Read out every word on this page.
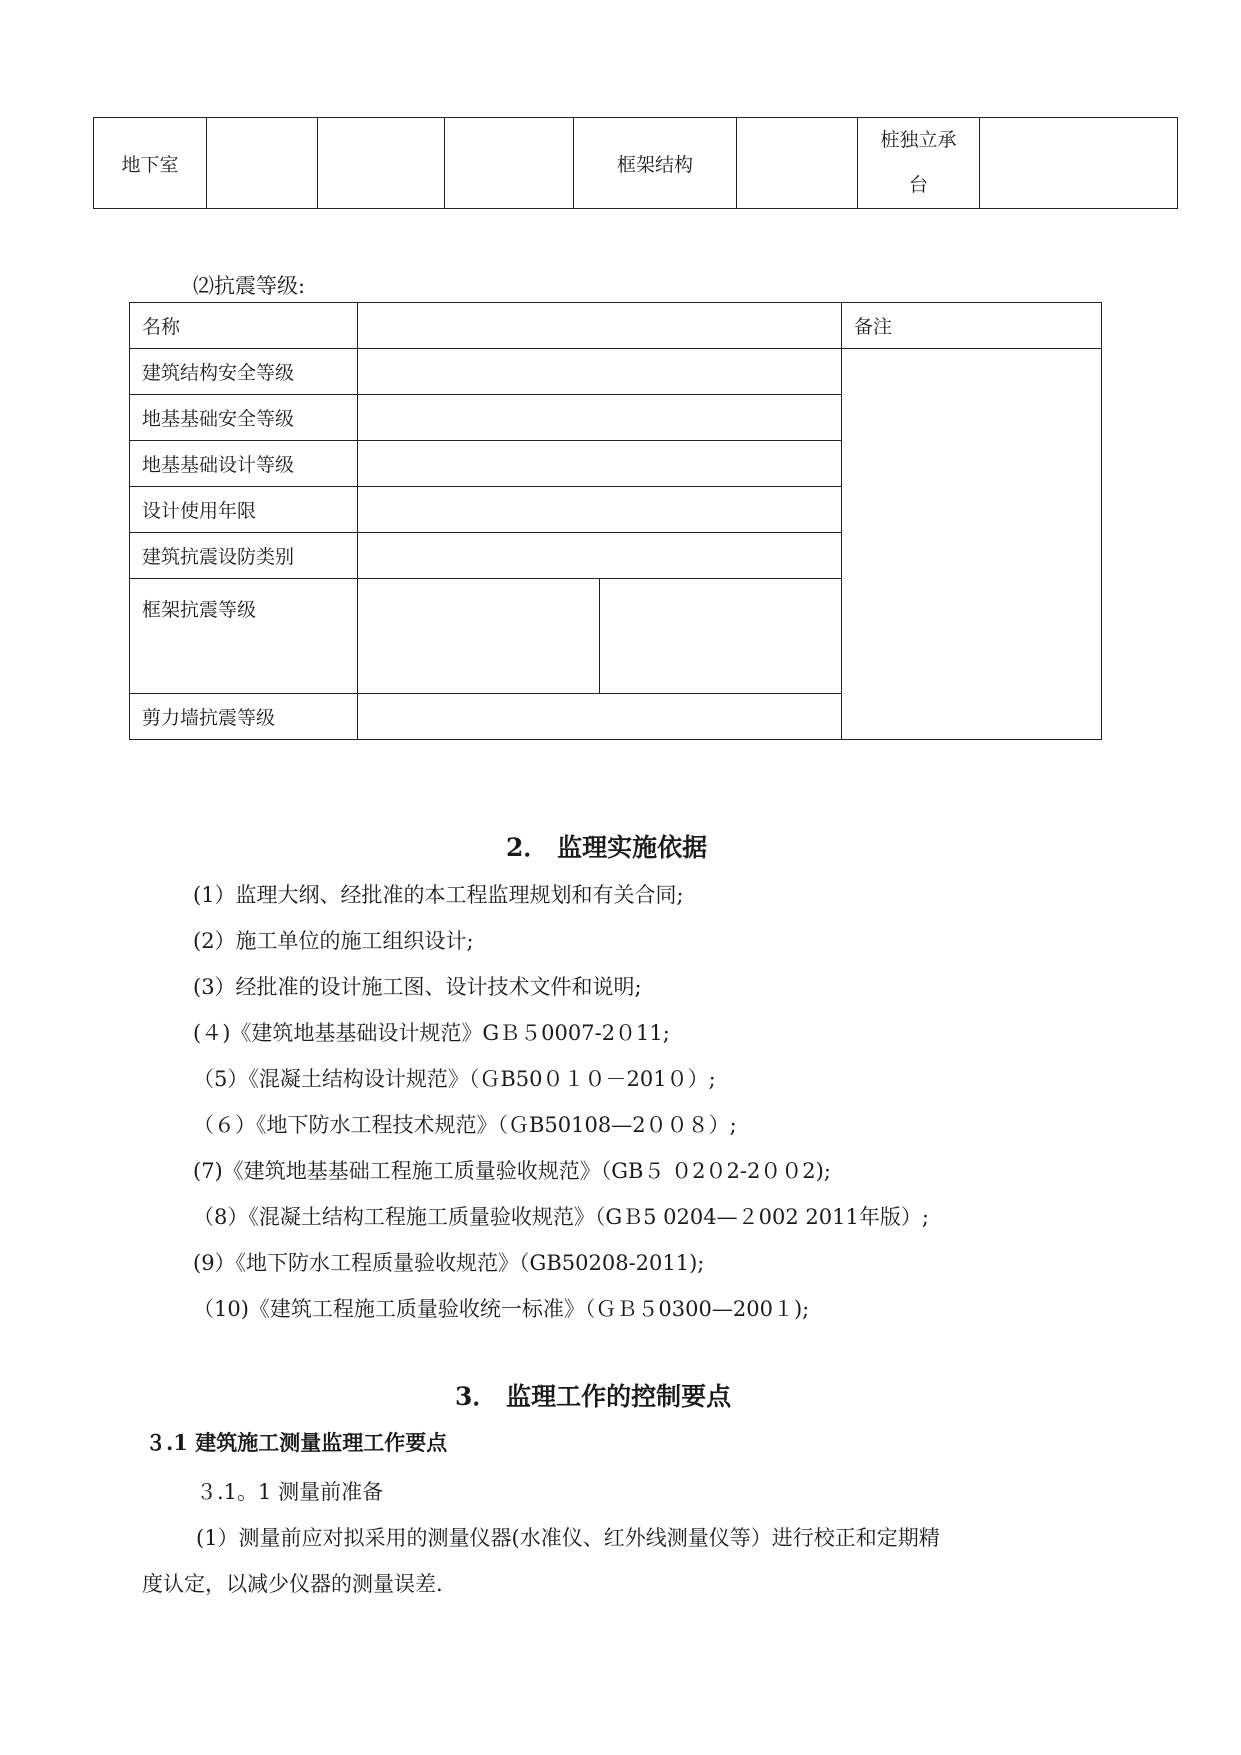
地下室				框架结构		桩独立承台	
⑵抗震等级:
名称			备注
建筑结构安全等级			
地基基础安全等级			
地基基础设计等级			
设计使用年限			
建筑抗震设防类别			
框架抗震等级			
剪力墙抗震等级			
2． 监理实施依据
(1）监理大纲、经批准的本工程监理规划和有关合同;
(2）施工单位的施工组织设计;
(3）经批准的设计施工图、设计技术文件和说明;
(４)《建筑地基基础设计规范》GＢ５0007-2０11;
（5）《混凝土结构设计规范》（ＧB50０１０－201０）;
（６）《地下防水工程技术规范》（ＧB50108—2００８）;
(7)《建筑地基基础工程施工质量验收规范》（GB５ ０2０2-2００2);
（8）《混凝土结构工程施工质量验收规范》（GＢ5 0204—２002 2011年版）;
(9）《地下防水工程质量验收规范》（GB50208-2011);
（10)《建筑工程施工质量验收统一标准》（ＧＢ５0300—200１);
3． 监理工作的控制要点
３.1 建筑施工测量监理工作要点
３.1。1 测量前准备
(1）测量前应对拟采用的测量仪器(水准仪、红外线测量仪等）进行校正和定期精
度认定，以减少仪器的测量误差.
